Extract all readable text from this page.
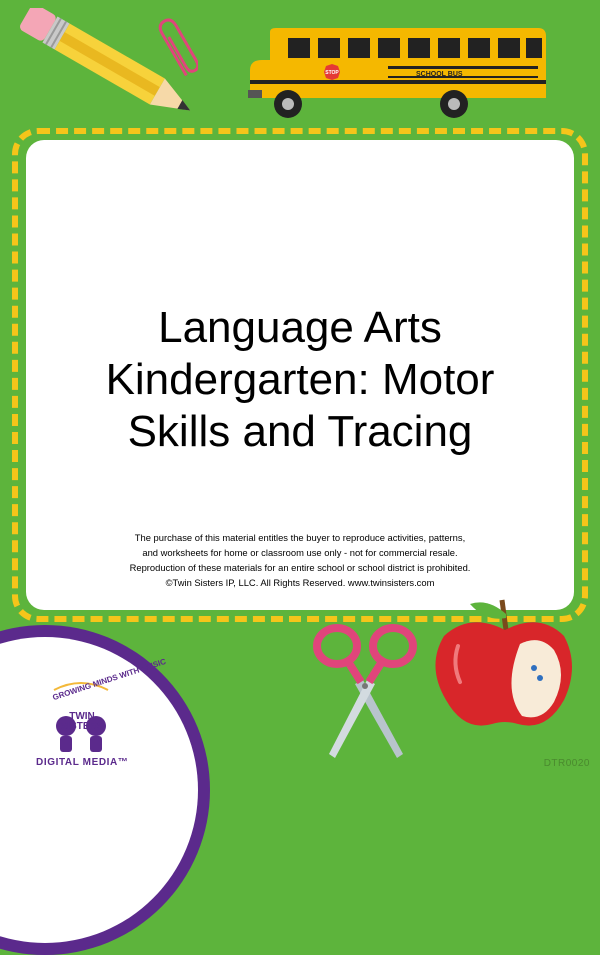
STOP	SCHOOL BUS
Language Arts
Kindergarten: Motor
Skills and Tracing
The purchase of this material entitles the buyer to reproduce activities, patterns,
and worksheets for home or classroom use only - not for commercial resale.
Reproduction of these materials for an entire school or school district is prohibited.
©Twin Sisters IP, LLC. All Rights Reserved. www.twinsisters.com
GROWING MINDS WITH MUSIC
TWIN
SISTERS
DIGITAL MEDIA™	DTR0020
